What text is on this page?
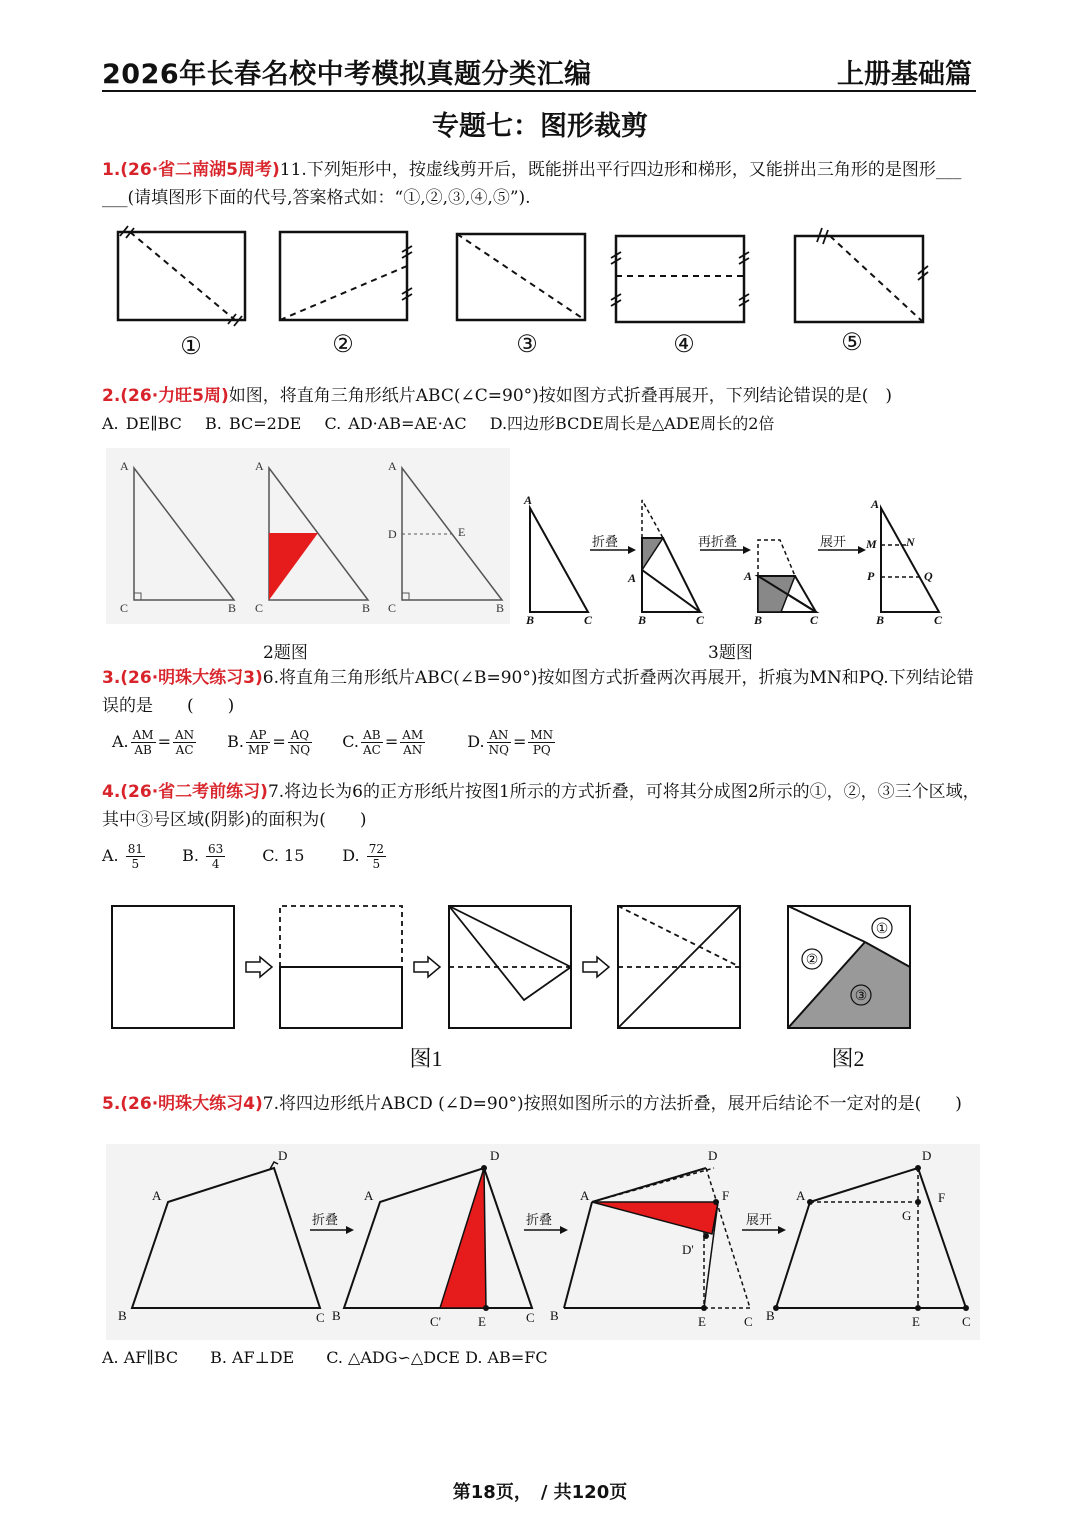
2026年长春名校中考模拟真题分类汇编	上册基础篇
专题七：图形裁剪
1.(26·省二南湖5周考)11.下列矩形中，按虚线剪开后，既能拼出平行四边形和梯形，又能拼出三角形的是图形___　___(请填图形下面的代号,答案格式如：“①,②,③,④,⑤”).
①	②	③	④	⑤
2.(26·力旺5周)如图，将直角三角形纸片ABC(∠C=90°)按如图方式折叠再展开，下列结论错误的是(　)
A. DE∥BC　 B. BC=2DE　 C. AD·AB=AE·AC　 D.四边形BCDE周长是△ADE周长的2倍
A
C	B
A
C	B
A
D	E
C	B
2题图
A
B	C
A
B	C
A
B	C
A
M N
P	Q
B	C
折叠	再折叠	展开
3题图
3.(26·明珠大练习3)6.将直角三角形纸片ABC(∠B=90°)按如图方式折叠两次再展开，折痕为MN和PQ.下列结论错误的是　　(　　)
A. $\frac{AM}{AB} = \frac{AN}{AC} B$. $\frac{AP}{MP} = \frac{AQ}{NQ} C$. $\frac{AB}{AC} = \frac{AM}{AN}$	D. $\frac{AN}{NQ} = \frac{MN}{PQ}$
4.(26·省二考前练习)7.将边长为6的正方形纸片按图1所示的方式折叠，可将其分成图2所示的①，②，③三个区域，其中③号区域(阴影)的面积为(　　)
A. $\frac{81}{5} B$. $\frac{63}{4} C$. 15 D. $\frac{72}{5}$
①
②
③
图1	图2
5.(26·明珠大练习4)7.将四边形纸片ABCD (∠D=90°)按照如图所示的方法折叠，展开后结论不一定对的是(　　)
折叠	折叠	展开
A
D
B	C
A
D
B	C'	E	C
A
D
F
D'
B	E	C
A
D
F
G
B	E	C
A. AF∥BC　　B. AF⊥DE　　C. △ADG∽△DCE D. AB=FC
第18页，　/ 共120页
